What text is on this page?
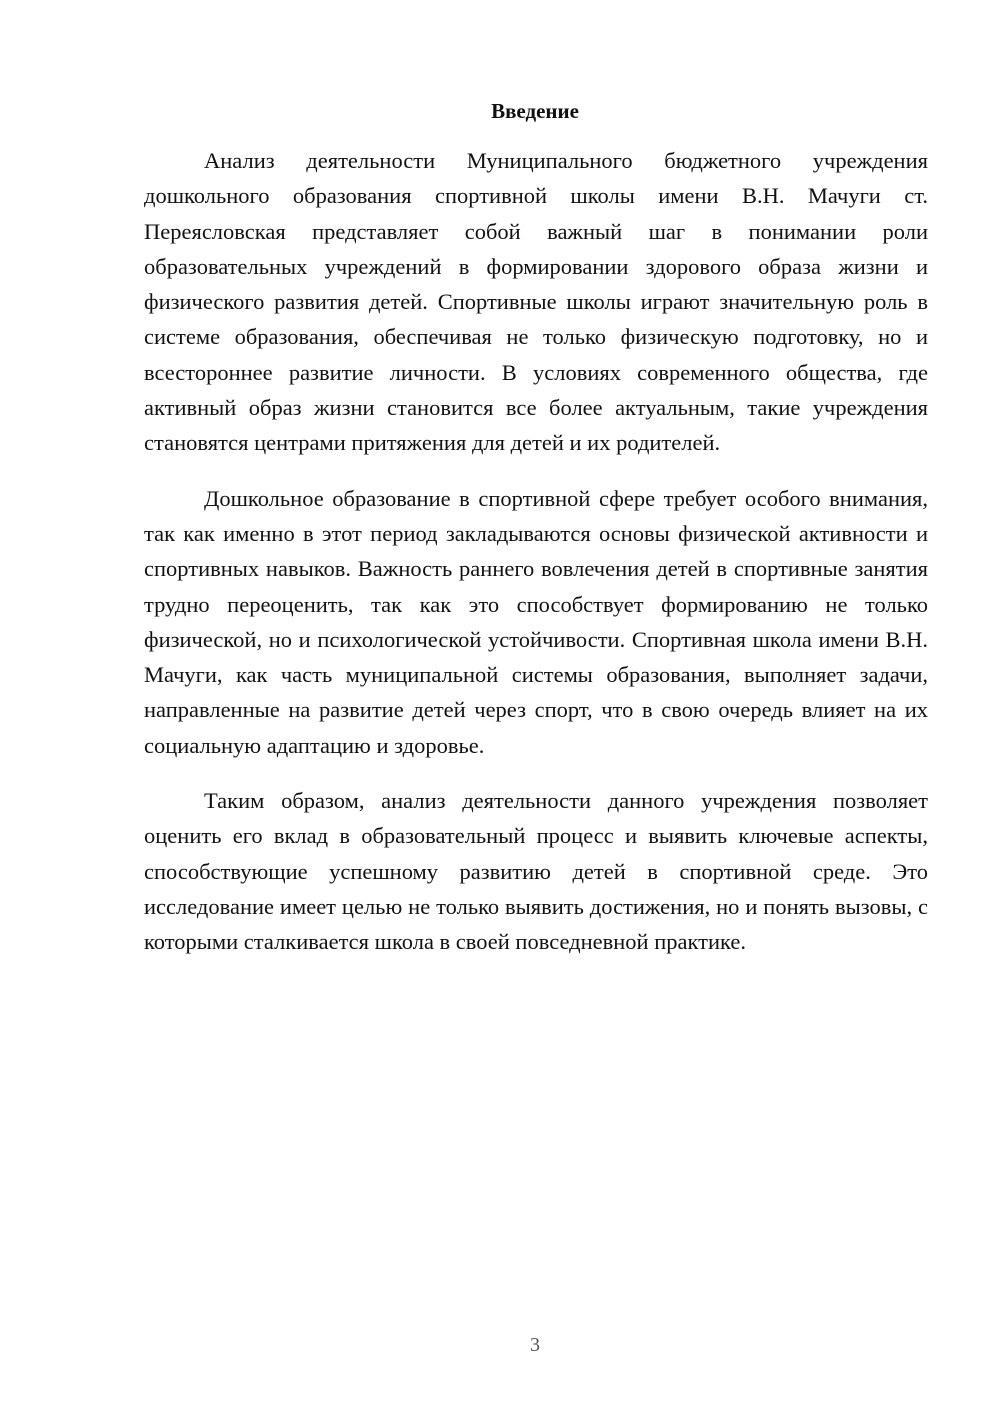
Введение

Анализ деятельности Муниципального бюджетного учреждения дошкольного образования спортивной школы имени В.Н. Мачуги ст. Переясловская представляет собой важный шаг в понимании роли образовательных учреждений в формировании здорового образа жизни и физического развития детей. Спортивные школы играют значительную роль в системе образования, обеспечивая не только физическую подготовку, но и всестороннее развитие личности. В условиях современного общества, где активный образ жизни становится все более актуальным, такие учреждения становятся центрами притяжения для детей и их родителей.

Дошкольное образование в спортивной сфере требует особого внимания, так как именно в этот период закладываются основы физической активности и спортивных навыков. Важность раннего вовлечения детей в спортивные занятия трудно переоценить, так как это способствует формированию не только физической, но и психологической устойчивости. Спортивная школа имени В.Н. Мачуги, как часть муниципальной системы образования, выполняет задачи, направленные на развитие детей через спорт, что в свою очередь влияет на их социальную адаптацию и здоровье.

Таким образом, анализ деятельности данного учреждения позволяет оценить его вклад в образовательный процесс и выявить ключевые аспекты, способствующие успешному развитию детей в спортивной среде. Это исследование имеет целью не только выявить достижения, но и понять вызовы, с которыми сталкивается школа в своей повседневной практике.

3
